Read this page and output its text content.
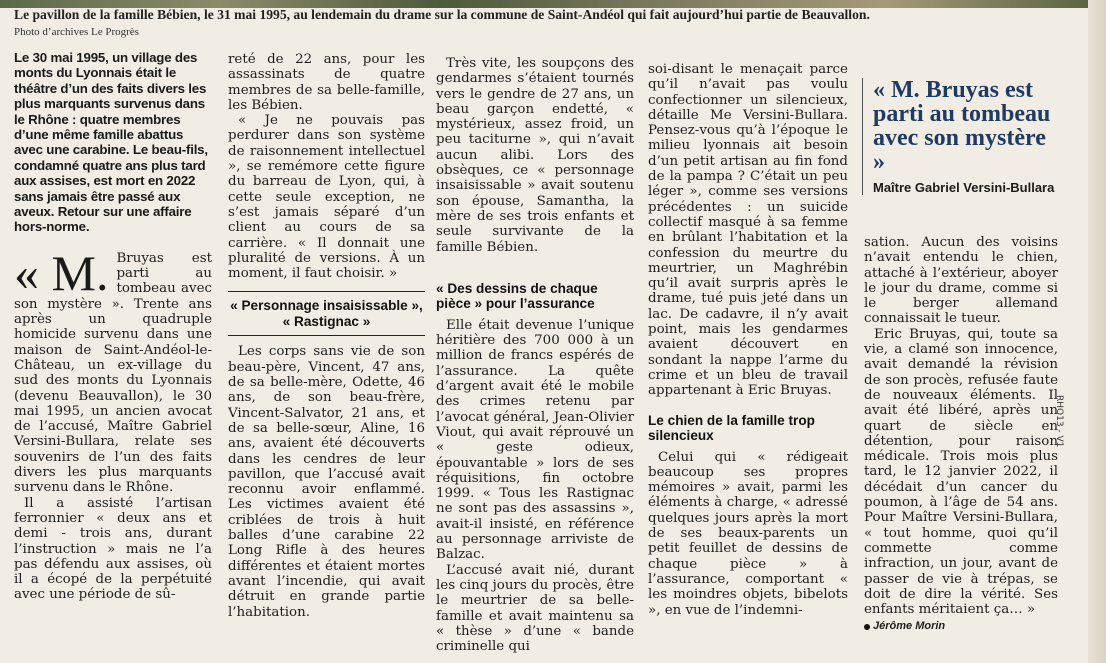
Le pavillon de la famille Bébien, le 31 mai 1995, au lendemain du drame sur la commune de Saint-Andéol qui fait aujourd’hui partie de Beauvallon.
Photo d’archives Le Progrès

Le 30 mai 1995, un village des monts du Lyonnais était le théâtre d’un des faits divers les plus marquants survenus dans le Rhône : quatre membres d’une même famille abattus avec une carabine. Le beau-fils, condamné quatre ans plus tard aux assises, est mort en 2022 sans jamais être passé aux aveux. Retour sur une affaire hors-norme.

« M. Bruyas est parti au tombeau avec son mystère ». Trente ans après un quadruple homicide survenu dans une maison de Saint-Andéol-le-Château, un ex-village du sud des monts du Lyonnais (devenu Beauvallon), le 30 mai 1995, un ancien avocat de l’accusé, Maître Gabriel Versini-Bullara, relate ses souvenirs de l’un des faits divers les plus marquants survenu dans le Rhône.

Il a assisté l’artisan ferronnier « deux ans et demi - trois ans, durant l’instruction » mais ne l’a pas défendu aux assises, où il a écopé de la perpétuité avec une période de sû-

reté de 22 ans, pour les assassinats de quatre membres de sa belle-famille, les Bébien.

« Je ne pouvais pas perdurer dans son système de raisonnement intellectuel », se remémore cette figure du barreau de Lyon, qui, à cette seule exception, ne s’est jamais séparé d’un client au cours de sa carrière. « Il donnait une pluralité de versions. À un moment, il faut choisir. »

« Personnage insaisissable », « Rastignac »

Les corps sans vie de son beau-père, Vincent, 47 ans, de sa belle-mère, Odette, 46 ans, de son beau-frère, Vincent-Salvator, 21 ans, et de sa belle-sœur, Aline, 16 ans, avaient été découverts dans les cendres de leur pavillon, que l’accusé avait reconnu avoir enflammé. Les victimes avaient été criblées de trois à huit balles d’une carabine 22 Long Rifle à des heures différentes et étaient mortes avant l’incendie, qui avait détruit en grande partie l’habitation.

Très vite, les soupçons des gendarmes s’étaient tournés vers le gendre de 27 ans, un beau garçon endetté, « mystérieux, assez froid, un peu taciturne », qui n’avait aucun alibi. Lors des obsèques, ce « personnage insaisissable » avait soutenu son épouse, Samantha, la mère de ses trois enfants et seule survivante de la famille Bébien.

« Des dessins de chaque pièce » pour l’assurance

Elle était devenue l’unique héritière des 700 000 à un million de francs espérés de l’assurance. La quête d’argent avait été le mobile des crimes retenu par l’avocat général, Jean-Olivier Viout, qui avait réprouvé un « geste odieux, épouvantable » lors de ses réquisitions, fin octobre 1999. « Tous les Rastignac ne sont pas des assassins », avait-il insisté, en référence au personnage arriviste de Balzac.

L’accusé avait nié, durant les cinq jours du procès, être le meurtrier de sa belle-famille et avait maintenu sa « thèse » d’une « bande criminelle qui

soi-disant le menaçait parce qu’il n’avait pas voulu confectionner un silencieux, détaille Me Versini-Bullara. Pensez-vous qu’à l’époque le milieu lyonnais ait besoin d’un petit artisan au fin fond de la pampa ? C’était un peu léger », comme ses versions précédentes : un suicide collectif masqué à sa femme en brûlant l’habitation et la confession du meurtre du meurtrier, un Maghrébin qu’il avait surpris après le drame, tué puis jeté dans un lac. De cadavre, il n’y avait point, mais les gendarmes avaient découvert en sondant la nappe l’arme du crime et un bleu de travail appartenant à Eric Bruyas.

Le chien de la famille trop silencieux

Celui qui « rédigeait beaucoup ses propres mémoires » avait, parmi les éléments à charge, « adressé quelques jours après la mort de ses beaux-parents un petit feuillet de dessins de chaque pièce » à l’assurance, comportant « les moindres objets, bibelots », en vue de l’indemni-

« M. Bruyas est parti au tombeau avec son mystère »
Maître Gabriel Versini-Bullara

sation. Aucun des voisins n’avait entendu le chien, attaché à l’extérieur, aboyer le jour du drame, comme si le berger allemand connaissait le tueur.

Eric Bruyas, qui, toute sa vie, a clamé son innocence, avait demandé la révision de son procès, refusée faute de nouveaux éléments. Il avait été libéré, après un quart de siècle en détention, pour raison médicale. Trois mois plus tard, le 12 janvier 2022, il décédait d’un cancer du poumon, à l’âge de 54 ans. Pour Maître Versini-Bullara, « tout homme, quoi qu’il commette comme infraction, un jour, avant de passer de vie à trépas, se doit de dire la vérité. Ses enfants méritaient ça… »

Jérôme Morin
RHO13 - V1
